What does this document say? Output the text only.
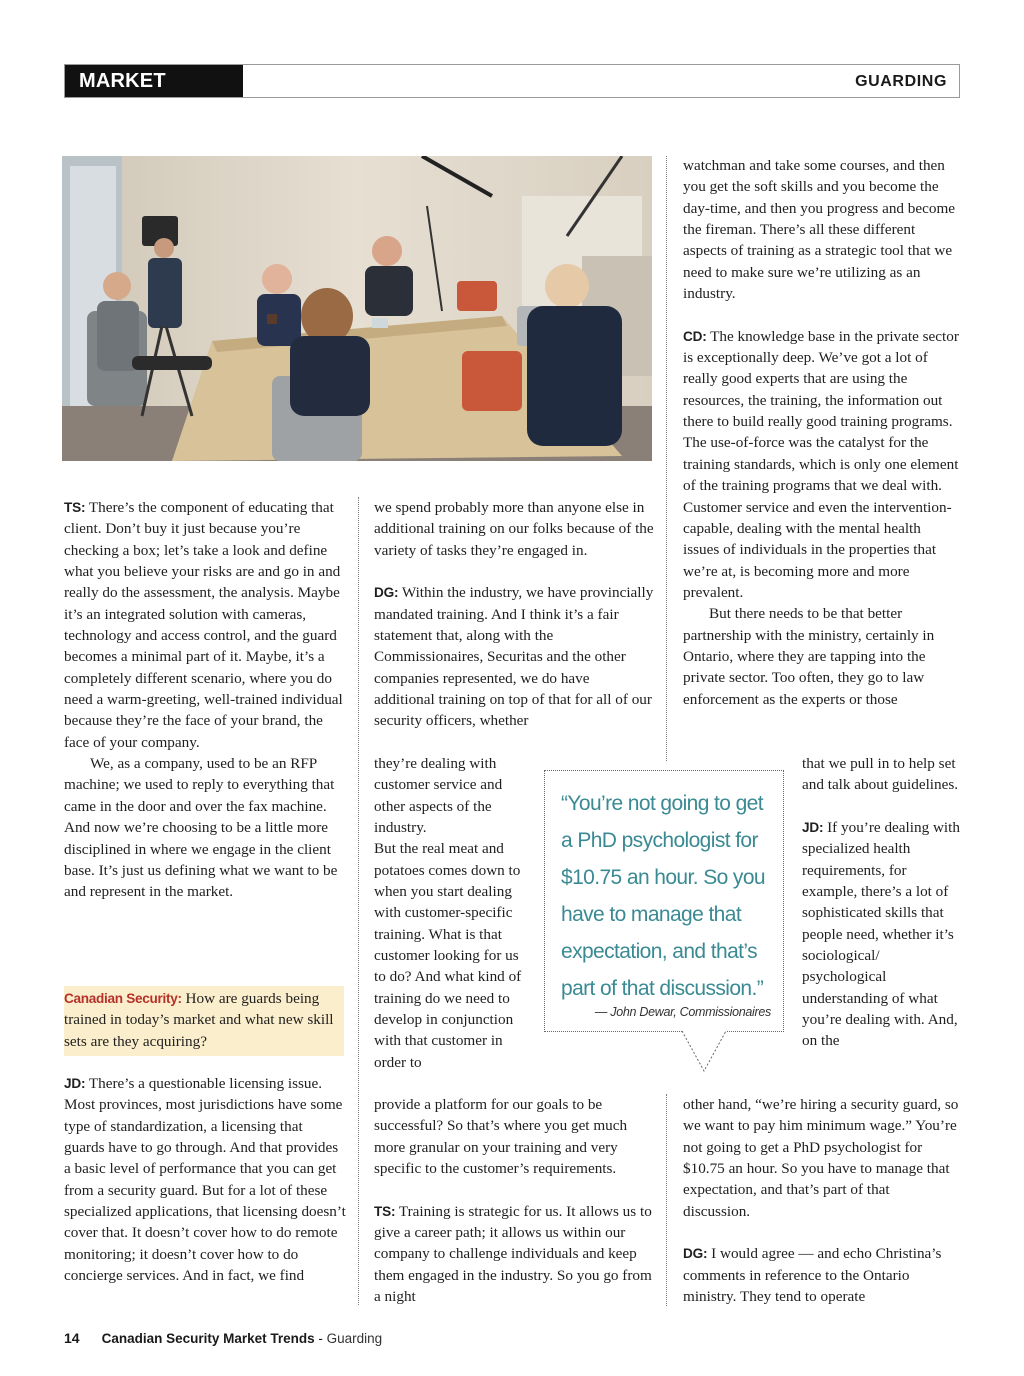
MARKET TRENDS
GUARDING

TS: There’s the component of educating that client. Don’t buy it just because you’re checking a box; let’s take a look and define what you believe your risks are and go in and really do the assessment, the analysis. Maybe it’s an integrated solution with cameras, technology and access control, and the guard becomes a minimal part of it. Maybe, it’s a completely different scenario, where you do need a warm-greeting, well-trained individual because they’re the face of your brand, the face of your company.

We, as a company, used to be an RFP machine; we used to reply to everything that came in the door and over the fax machine. And now we’re choosing to be a little more disciplined in where we engage in the client base. It’s just us defining what we want to be and represent in the market.

Canadian Security: How are guards being trained in today’s market and what new skill sets are they acquiring?

JD: There’s a questionable licensing issue. Most provinces, most jurisdictions have some type of standardization, a licensing that guards have to go through. And that provides a basic level of performance that you can get from a security guard. But for a lot of these specialized applications, that licensing doesn’t cover that. It doesn’t cover how to do remote monitoring; it doesn’t cover how to do concierge services. And in fact, we find

we spend probably more than anyone else in additional training on our folks because of the variety of tasks they’re engaged in.

DG: Within the industry, we have provincially mandated training. And I think it’s a fair statement that, along with the Commissionaires, Securitas and the other companies represented, we do have additional training on top of that for all of our security officers, whether

they’re dealing with customer service and other aspects of the industry.

But the real meat and potatoes comes down to when you start dealing with customer-specific training. What is that customer looking for us to do? And what kind of training do we need to develop in conjunction with that customer in order to

provide a platform for our goals to be successful? So that’s where you get much more granular on your training and very specific to the customer’s requirements.

TS: Training is strategic for us. It allows us to give a career path; it allows us within our company to challenge individuals and keep them engaged in the industry. So you go from a night

watchman and take some courses, and then you get the soft skills and you become the day-time, and then you progress and become the fireman. There’s all these different aspects of training as a strategic tool that we need to make sure we’re utilizing as an industry.

CD: The knowledge base in the private sector is exceptionally deep. We’ve got a lot of really good experts that are using the resources, the training, the information out there to build really good training programs. The use-of-force was the catalyst for the training standards, which is only one element of the training programs that we deal with. Customer service and even the intervention-capable, dealing with the mental health issues of individuals in the properties that we’re at, is becoming more and more prevalent.

But there needs to be that better partnership with the ministry, certainly in Ontario, where they are tapping into the private sector. Too often, they go to law enforcement as the experts or those

that we pull in to help set and talk about guidelines.

JD: If you’re dealing with specialized health requirements, for example, there’s a lot of sophisticated skills that people need, whether it’s sociological/ psychological understanding of what you’re dealing with. And, on the

other hand, “we’re hiring a security guard, so we want to pay him minimum wage.” You’re not going to get a PhD psychologist for $10.75 an hour. So you have to manage that expectation, and that’s part of that discussion.

DG: I would agree — and echo Christina’s comments in reference to the Ontario ministry. They tend to operate

“You’re not going to get a PhD psychologist for $10.75 an hour. So you have to manage that expectation, and that’s part of that discussion.”
— John Dewar, Commissionaires
14 Canadian Security Market Trends - Guarding
